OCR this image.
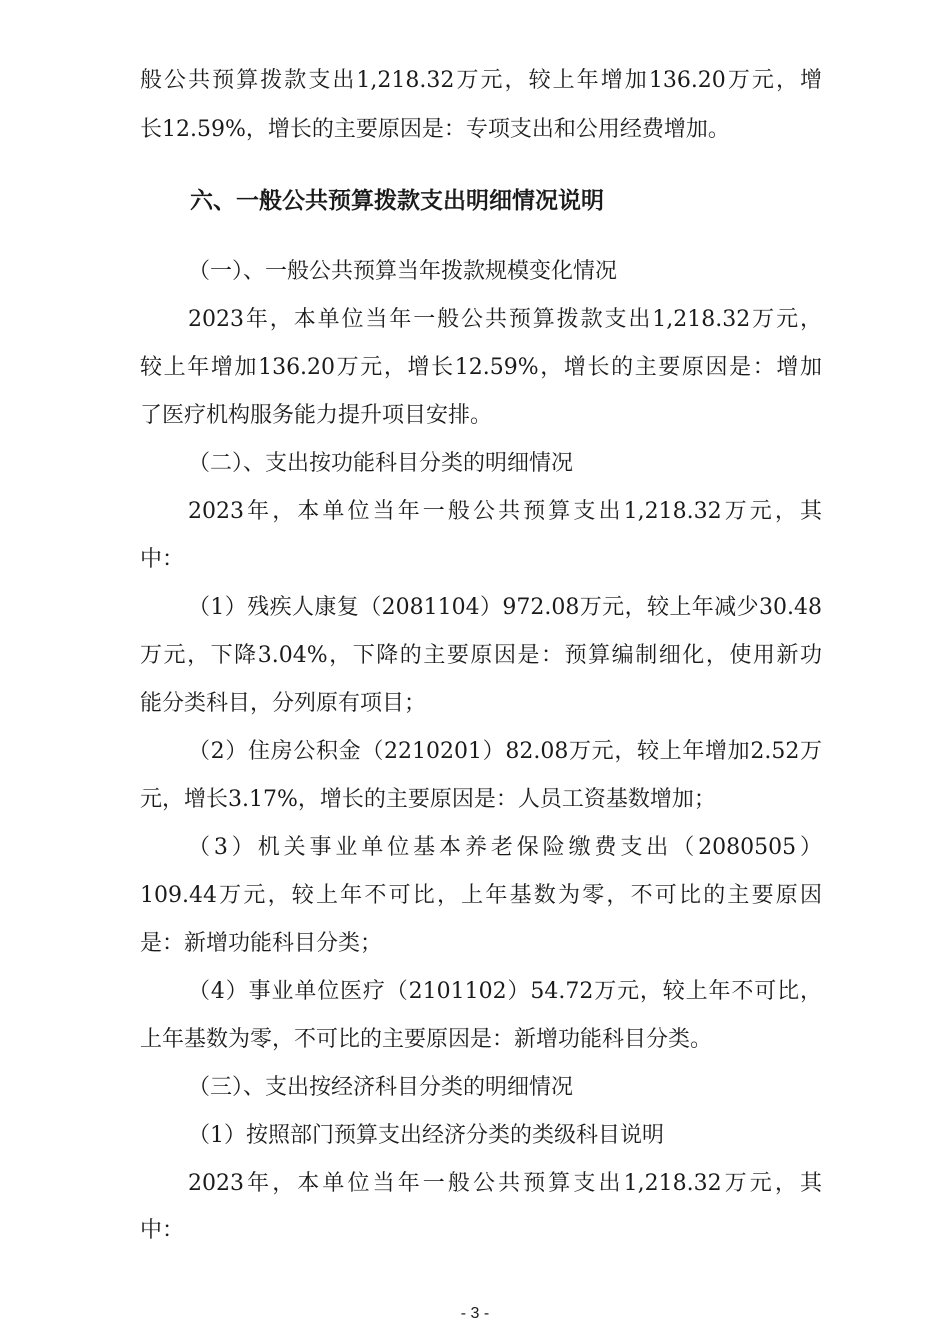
般公共预算拨款支出1,218.32万元，较上年增加136.20万元，增
长12.59%，增长的主要原因是：专项支出和公用经费增加。
六、一般公共预算拨款支出明细情况说明
（一）、一般公共预算当年拨款规模变化情况
2023年，本单位当年一般公共预算拨款支出1,218.32万元，
较上年增加136.20万元，增长12.59%，增长的主要原因是：增加
了医疗机构服务能力提升项目安排。
（二）、支出按功能科目分类的明细情况
2023年，本单位当年一般公共预算支出1,218.32万元，其
中：
（1）残疾人康复（2081104）972.08万元，较上年减少30.48
万元，下降3.04%，下降的主要原因是：预算编制细化，使用新功
能分类科目，分列原有项目；
（2）住房公积金（2210201）82.08万元，较上年增加2.52万
元，增长3.17%，增长的主要原因是：人员工资基数增加；
（3）机关事业单位基本养老保险缴费支出（2080505）
109.44万元，较上年不可比，上年基数为零，不可比的主要原因
是：新增功能科目分类；
（4）事业单位医疗（2101102）54.72万元，较上年不可比，
上年基数为零，不可比的主要原因是：新增功能科目分类。
（三）、支出按经济科目分类的明细情况
（1）按照部门预算支出经济分类的类级科目说明
2023年，本单位当年一般公共预算支出1,218.32万元，其
中：
- 3 -
